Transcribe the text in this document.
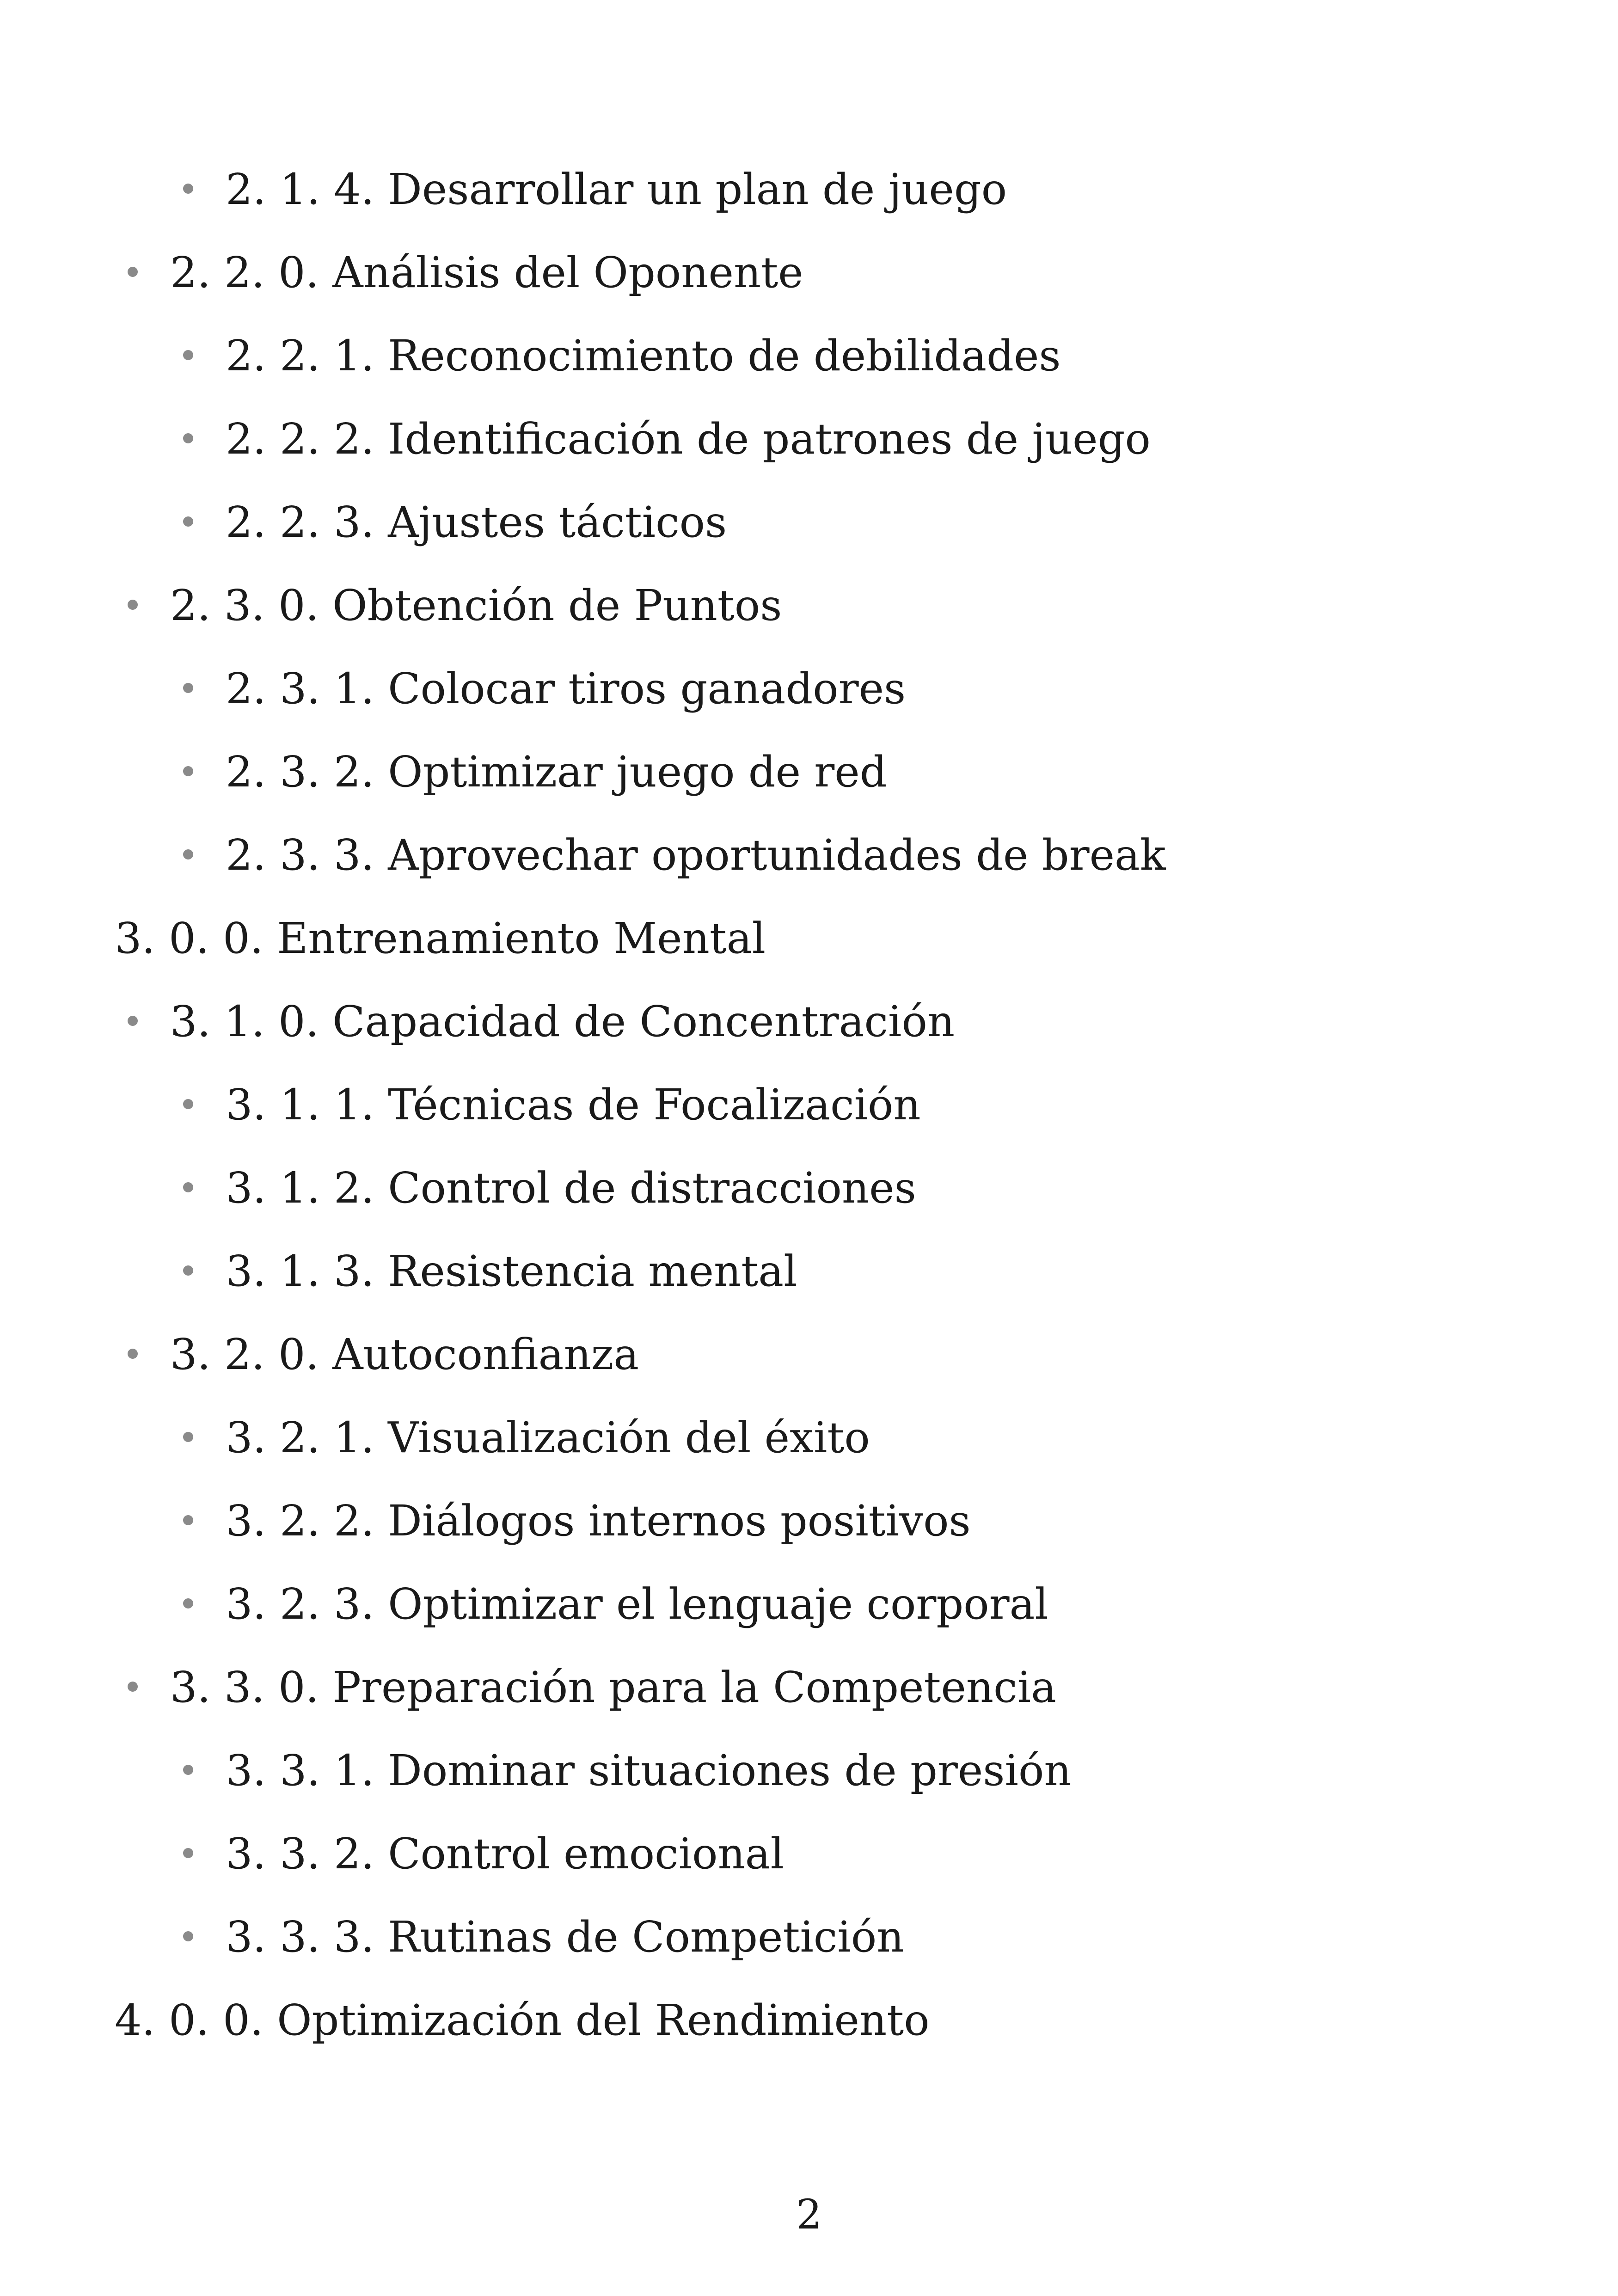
2. 1. 4. Desarrollar un plan de juego
2. 2. 0. Análisis del Oponente
2. 2. 1. Reconocimiento de debilidades
2. 2. 2. Identificación de patrones de juego
2. 2. 3. Ajustes tácticos
2. 3. 0. Obtención de Puntos
2. 3. 1. Colocar tiros ganadores
2. 3. 2. Optimizar juego de red
2. 3. 3. Aprovechar oportunidades de break
3. 0. 0. Entrenamiento Mental
3. 1. 0. Capacidad de Concentración
3. 1. 1. Técnicas de Focalización
3. 1. 2. Control de distracciones
3. 1. 3. Resistencia mental
3. 2. 0. Autoconfianza
3. 2. 1. Visualización del éxito
3. 2. 2. Diálogos internos positivos
3. 2. 3. Optimizar el lenguaje corporal
3. 3. 0. Preparación para la Competencia
3. 3. 1. Dominar situaciones de presión
3. 3. 2. Control emocional
3. 3. 3. Rutinas de Competición
4. 0. 0. Optimización del Rendimiento
2
